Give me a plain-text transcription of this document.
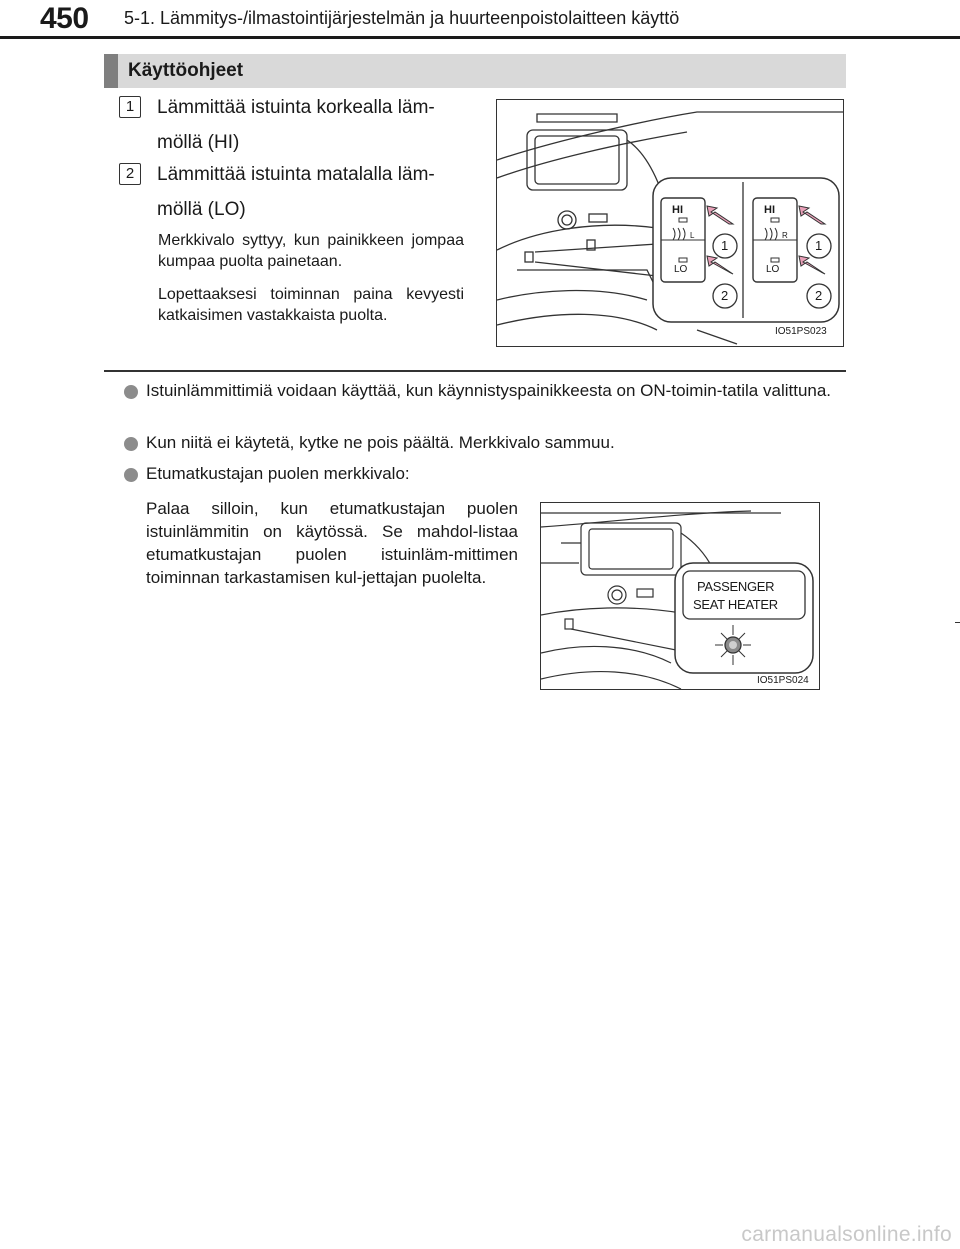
450 5-1. Lämmitys-/ilmastointijärjestelmän ja huurteenpoistolaitteen käyttö
Käyttöohjeet
1	Lämmittää istuinta korkealla läm-
möllä (HI)
2	Lämmittää istuinta matalalla läm-
möllä (LO)
Merkkivalo syttyy, kun painikkeen jompaa kumpaa puolta painetaan.
Lopettaaksesi toiminnan paina kevyesti katkaisimen vastakkaista puolta.
HI
LO
L
HI
LO
R
1
2
1
2
IO51PS023
Istuinlämmittimiä voidaan käyttää, kun käynnistyspainikkeesta on ON-toimin-tatila valittuna.
Kun niitä ei käytetä, kytke ne pois päältä. Merkkivalo sammuu.
Etumatkustajan puolen merkkivalo:
Palaa silloin, kun etumatkustajan puolen istuinlämmitin on käytössä. Se mahdol-listaa etumatkustajan puolen istuinläm-mittimen toiminnan tarkastamisen kul-jettajan puolelta.	PASSENGER
SEAT HEATER
IO51PS024
carmanualsonline.info
